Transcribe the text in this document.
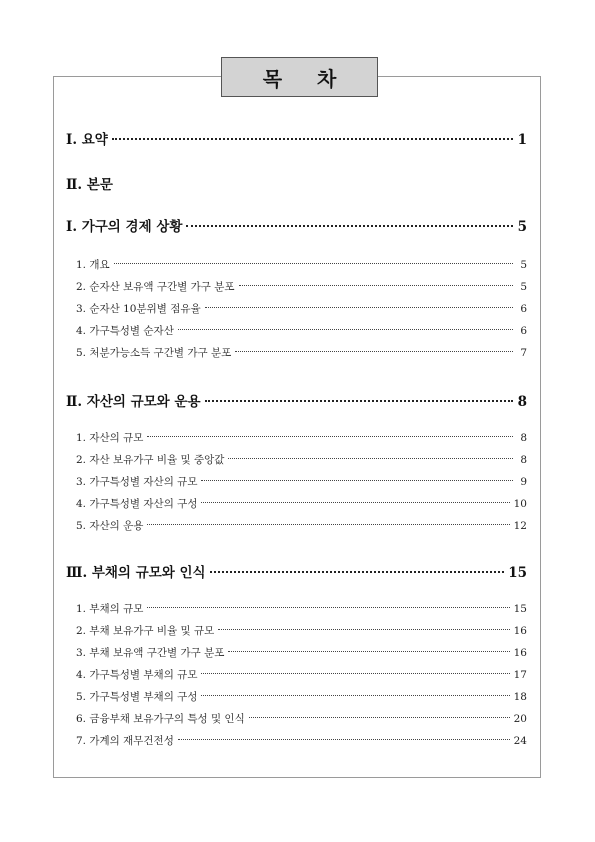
목 차
Ⅰ. 요약	1
Ⅱ. 본문
Ⅰ. 가구의 경제 상황	5
1. 개요	5
2. 순자산 보유액 구간별 가구 분포	5
3. 순자산 10분위별 점유율	6
4. 가구특성별 순자산	6
5. 처분가능소득 구간별 가구 분포	7
Ⅱ. 자산의 규모와 운용	8
1. 자산의 규모	8
2. 자산 보유가구 비율 및 중앙값	8
3. 가구특성별 자산의 규모	9
4. 가구특성별 자산의 구성	10
5. 자산의 운용	12
Ⅲ. 부채의 규모와 인식	15
1. 부채의 규모	15
2. 부채 보유가구 비율 및 규모	16
3. 부채 보유액 구간별 가구 분포	16
4. 가구특성별 부채의 규모	17
5. 가구특성별 부채의 구성	18
6. 금융부채 보유가구의 특성 및 인식	20
7. 가계의 재무건전성	24
